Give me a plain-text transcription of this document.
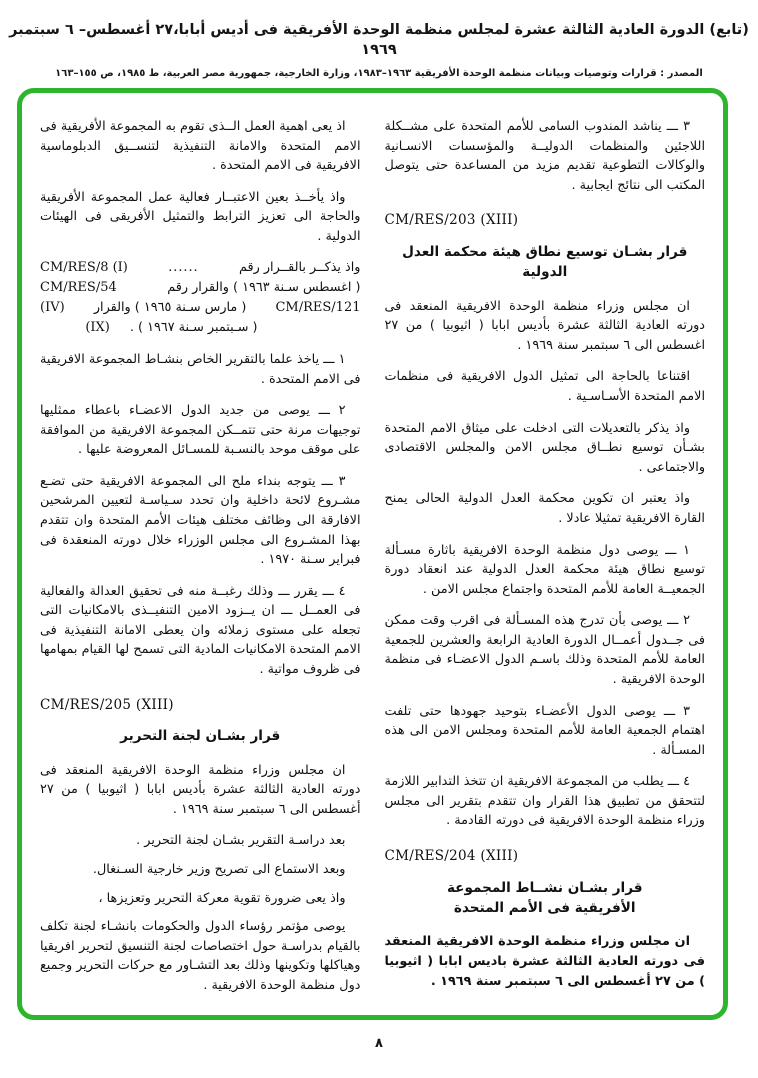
(تابع) الدورة العادية الثالثة عشرة لمجلس منظمة الوحدة الأفريقية فى أديس أبابا،٢٧ أغسطس– ٦ سبتمبر ١٩٦٩
المصدر : قرارات وتوصيات وبيانات منظمة الوحدة الأفريقية ١٩٦٣–١٩٨٣، وزارة الخارجية، جمهورية مصر العربية، ط ١٩٨٥، ص ١٥٥–١٦٣

٣ ـــ يناشد المندوب السامى للأمم المتحدة على مشــكلة اللاجئين والمنظمات الدوليــة والمؤسسات الانسـانية والوكالات التطوعية تقديم مزيد من المساعدة حتى يتوصل المكتب الى نتائج ايجابية .

CM/RES/203 (XIII)
قرار بشـان توسيع نطاق هيئة محكمة العدل الدولية

ان مجلس وزراء منظمة الوحدة الافريقية المنعقد فى دورته العادية الثالثة عشرة بأديس ابابا ( اثيوبيا ) من ٢٧ اغسطس الى ٦ سبتمبر سنة ١٩٦٩ .

اقتناعا بالحاجة الى تمثيل الدول الافريقية فى منظمات الامم المتحدة الأسـاسـية .

واذ يذكر بالتعديلات التى ادخلت على ميثاق الامم المتحدة بشـأن توسيع نطــاق مجلس الامن والمجلس الاقتصادى والاجتماعى .

واذ يعتبر ان تكوين محكمة العدل الدولية الحالى يمنح القارة الافريقية تمثيلا عادلا .

١ ـــ يوصى دول منظمة الوحدة الافريقية باثارة مسـألة توسيع نطاق هيئة محكمة العدل الدولية عند انعقاد دورة الجمعيــة العامة للأمم المتحدة واجتماع مجلس الامن .

٢ ـــ يوصى بأن تدرج هذه المسـألة فى اقرب وقت ممكن فى جــدول أعمــال الدورة العادية الرابعة والعشرين للجمعية العامة للأمم المتحدة وذلك باسـم الدول الاعضـاء فى منظمة الوحدة الافريقية .

٣ ـــ يوصى الدول الأعضـاء بتوحيد جهودها حتى تلفت اهتمام الجمعية العامة للأمم المتحدة ومجلس الامن الى هذه المسـألة .

٤ ـــ يطلب من المجموعة الافريقية ان تتخذ التدابير اللازمة لتتحقق من تطبيق هذا القرار وان تتقدم بتقرير الى مجلس وزراء منظمة الوحدة الافريقية فى دورته القادمة .

CM/RES/204 (XIII)
قرار بشـان نشــاط المجموعة
الأفريقية فى الأمم المتحدة

ان مجلس وزراء منظمة الوحدة الافريقية المنعقد فى دورته العادية الثالثة عشرة باديس ابابا ( اثيوبيا ) من ٢٧ أغسطس الى ٦ سبتمبر سنة ١٩٦٩ .

اذ يعى اهمية العمل الــذى تقوم به المجموعة الأفريقية فى الامم المتحدة والامانة التنفيذية لتنســيق الدبلوماسية الافريقية فى الامم المتحدة .

واذ يأخــذ بعين الاعتبــار فعالية عمل المجموعة الأفريقية والحاجة الى تعزيز الترابط والتمثيل الأفريقى فى الهيئات الدولية .

CM/RES/8 (I)	......	واذ يذكــر بالقــرار رقم
CM/RES/54	( اغسطس سـنة ١٩٦٣ ) والقرار رقم
(IV) ( مارس سـنة ١٩٦٥ ) والقرار CM/RES/121
(IX) ( سـبتمبر سـنة ١٩٦٧ ) .

١ ـــ ياخذ علما بالتقرير الخاص بنشـاط المجموعة الافريقية فى الامم المتحدة .

٢ ـــ يوصى من جديد الدول الاعضـاء باعطاء ممثليها توجيهات مرنة حتى تتمــكن المجموعة الافريقية من الموافقة على موقف موحد بالنسـبة للمسـائل المعروضة عليها .

٣ ـــ يتوجه بنداء ملح الى المجموعة الافريقية حتى تضـع مشـروع لائحة داخلية وان تحدد سـياسـة لتعيين المرشحين الافارقة الى وظائف مختلف هيئات الأمم المتحدة وان تتقدم بهذا المشـروع الى مجلس الوزراء خلال دورته المنعقدة فى فبراير سـنة ١٩٧٠ .

٤ ـــ يقرر ـــ وذلك رغبــة منه فى تحقيق العدالة والفعالية فى العمــل ـــ ان يــزود الامين التنفيــذى بالامكانيات التى تجعله على مستوى زملائه وان يعطى الامانة التنفيذية فى الامم المتحدة الامكانيات المادية التى تسمح لها القيام بمهامها فى ظروف مواتية .

CM/RES/205 (XIII)
قرار بشـان لجنة التحرير

ان مجلس وزراء منظمة الوحدة الافريقية المنعقد فى دورته العادية الثالثة عشرة بأديس ابابا ( اثيوبيا ) من ٢٧ أغسطس الى ٦ سبتمبر سنة ١٩٦٩ .

بعد دراسـة التقرير بشـان لجنة التحرير .

وبعد الاستماع الى تصريح وزير خارجية السـنغال.

واذ يعى ضرورة تقوية معركة التحرير وتعزيزها ،

يوصى مؤتمر رؤساء الدول والحكومات بانشـاء لجنة تكلف بالقيام بدراسـة حول اختصاصات لجنة التنسيق لتحرير افريقيا وهياكلها وتكوينها وذلك بعد التشـاور مع حركات التحرير وجميع دول منظمة الوحدة الافريقية .

٨
